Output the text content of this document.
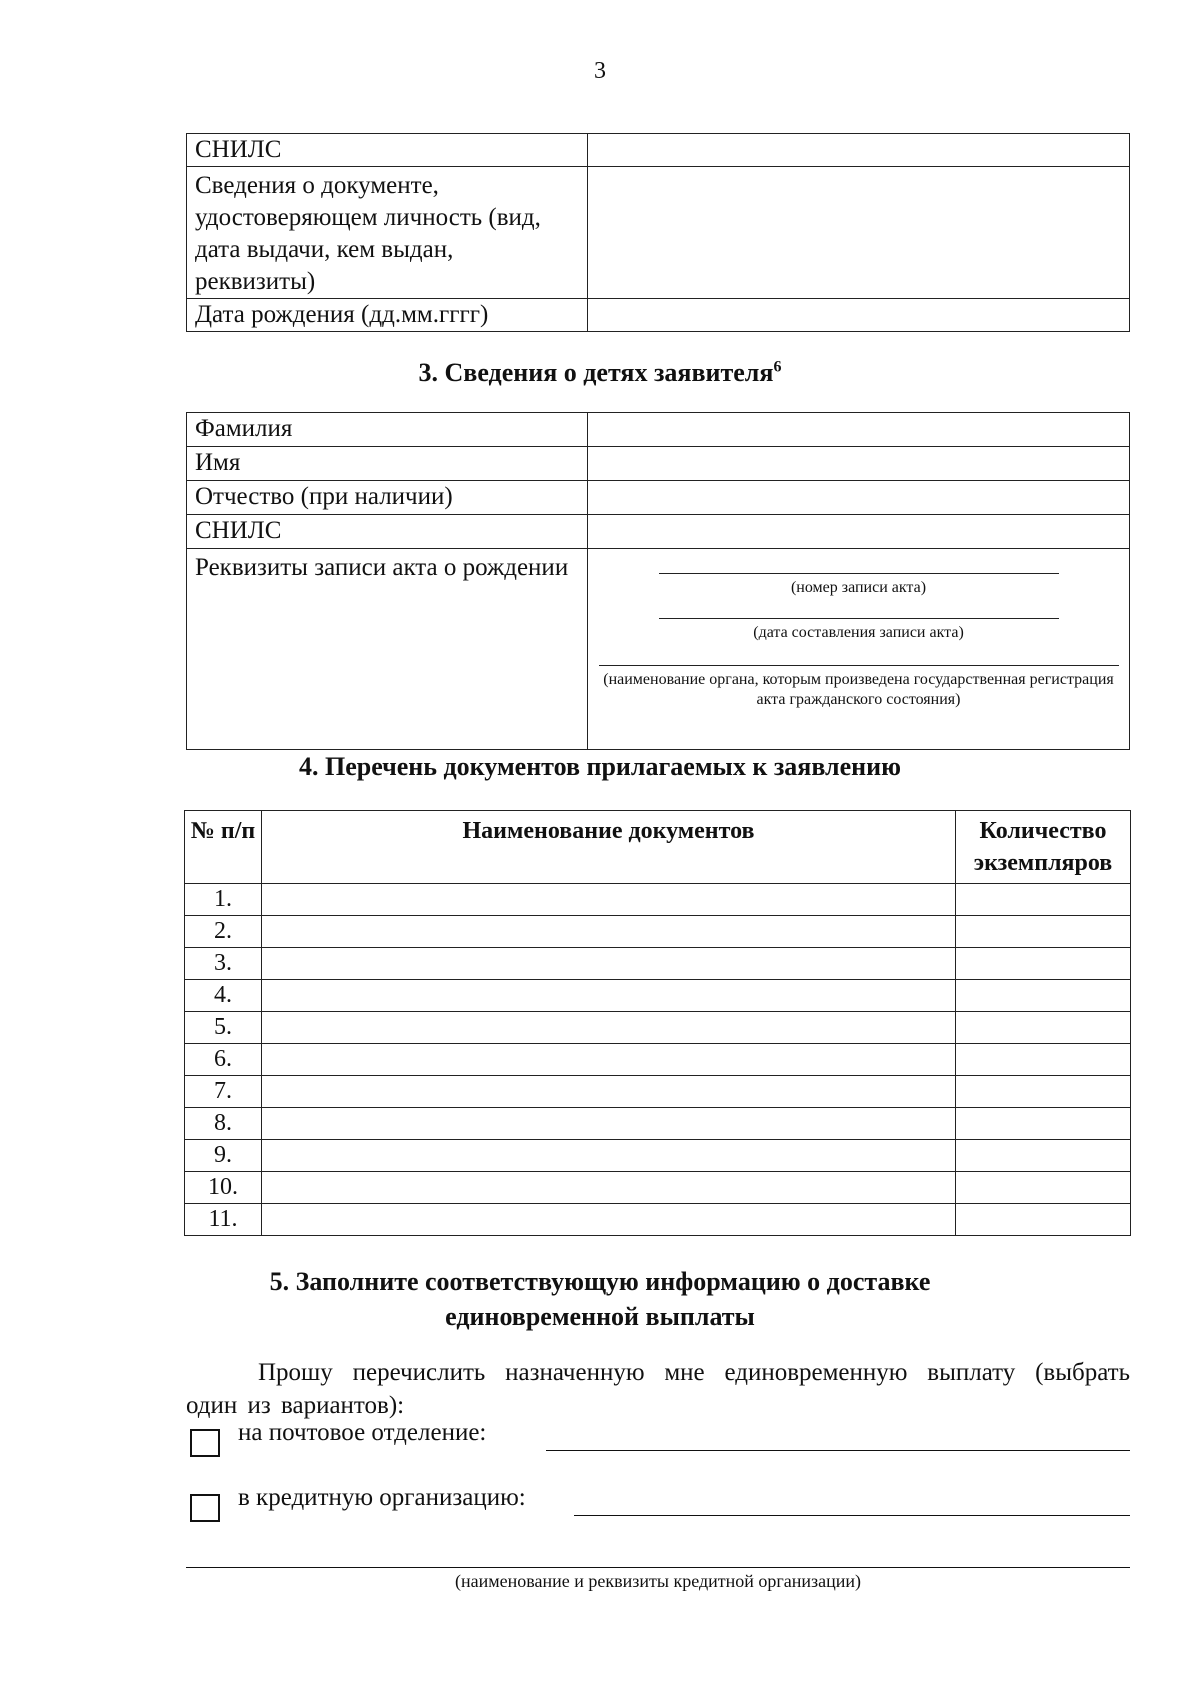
3
СНИЛС	
Сведения о документе, удостоверяющем личность (вид, дата выдачи, кем выдан, реквизиты)	
Дата рождения (дд.мм.гггг)	
3. Сведения о детях заявителя$^6$
Фамилия	
Имя	
Отчество (при наличии)	
СНИЛС	
Реквизиты записи акта о рождении	(номер записи акта)
(дата составления записи акта)
(наименование органа, которым произведена государственная регистрация акта гражданского состояния)
4. Перечень документов прилагаемых к заявлению
№ п/п	Наименование документов	Количество экземпляров
1.		
2.		
3.		
4.		
5.		
6.		
7.		
8.		
9.		
10.		
11.		
5. Заполните соответствующую информацию о доставке единовременной выплаты
Прошу перечислить назначенную мне единовременную выплату (выбрать один из вариантов):
на почтовое отделение:
в кредитную организацию:
(наименование и реквизиты кредитной организации)
